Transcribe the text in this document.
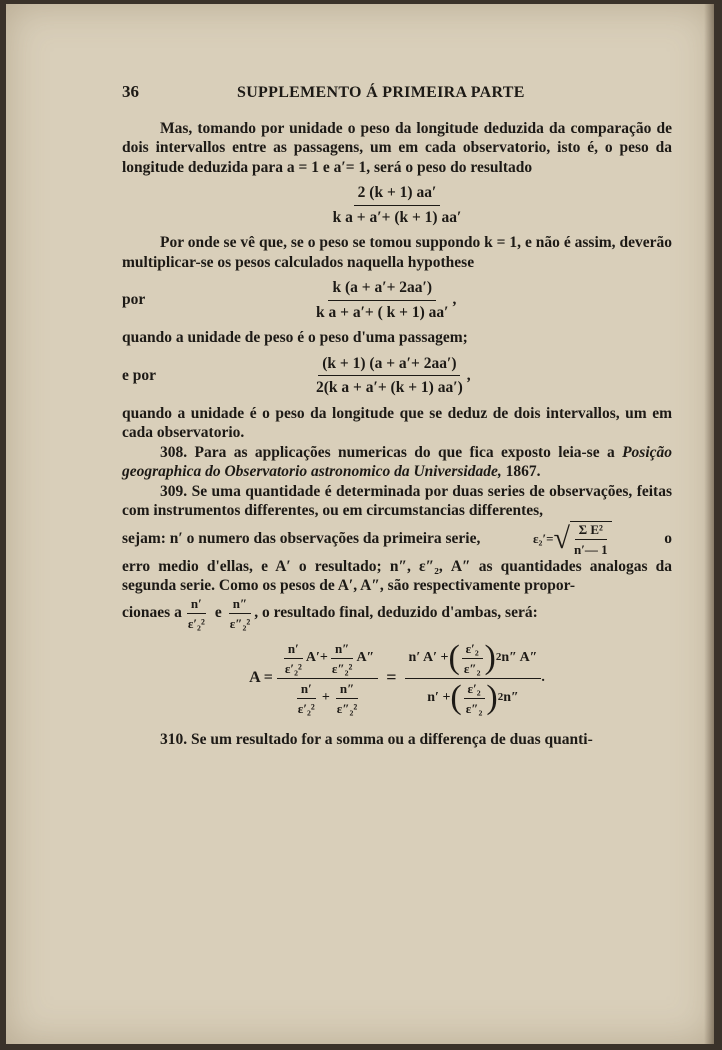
36	SUPPLEMENTO Á PRIMEIRA PARTE

Mas, tomando por unidade o peso da longitude deduzida da comparação de dois intervallos entre as passagens, um em cada observatorio, isto é, o peso da longitude deduzida para a = 1 e a′= 1, será o peso do resultado

$\frac{2 (k + 1) aa'}{\text{k a + a′+ (k + 1) aa′}}$

Por onde se vê que, se o peso se tomou suppondo k = 1, e não é assim, deverão multiplicar-se os pesos calculados naquella hypothese

por	$\frac{k (a + a'+ 2aa')}{\text{k a + a′+ ( k + 1) aa′}}$ ,

quando a unidade de peso é o peso d'uma passagem;

e por	$\frac{(k + 1) (a + a'+ 2aa')}{\text{2(k a + a′+ (k + 1) aa′)}}$ ,

quando a unidade é o peso da longitude que se deduz de dois intervallos, um em cada observatorio.

308. Para as applicações numericas do que fica exposto leia-se a Posição geographica do Observatorio astronomico da Universidade, 1867.

309. Se uma quantidade é determinada por duas series de observações, feitas com instrumentos differentes, ou em circumstancias differentes,

sejam: n′ o numero das observações da primeira serie,	ε₂′= √ $\frac{\text{Σ E²}}{n'— 1}$	o

erro medio d'ellas, e A′ o resultado; n″, ε″₂, A″ as quantidades analogas da segunda serie. Como os pesos de A′, A″, são respectivamente propor-

cionaes a $\frac{n'}{\text{ε′₂²}}$ e $\frac{n''}{\text{ε″₂²}}$ , o resultado final, deduzido d'ambas, será:

A =
$\frac{n'}{\text{ε′₂²}} A'+ \frac{n''}{\text{ε″₂²}} A''$
$\frac{n'}{\text{ε′₂²}} + \frac{n''}{\text{ε″₂²}}$
=
n′ A′ + ( $\frac{\text{ε′₂}}{\text{ε″₂}}$ ) 2 n″ A″
n′ + ( $\frac{\text{ε′₂}}{\text{ε″₂}}$ ) 2 n″
.

310. Se um resultado for a somma ou a differença de duas quanti-
